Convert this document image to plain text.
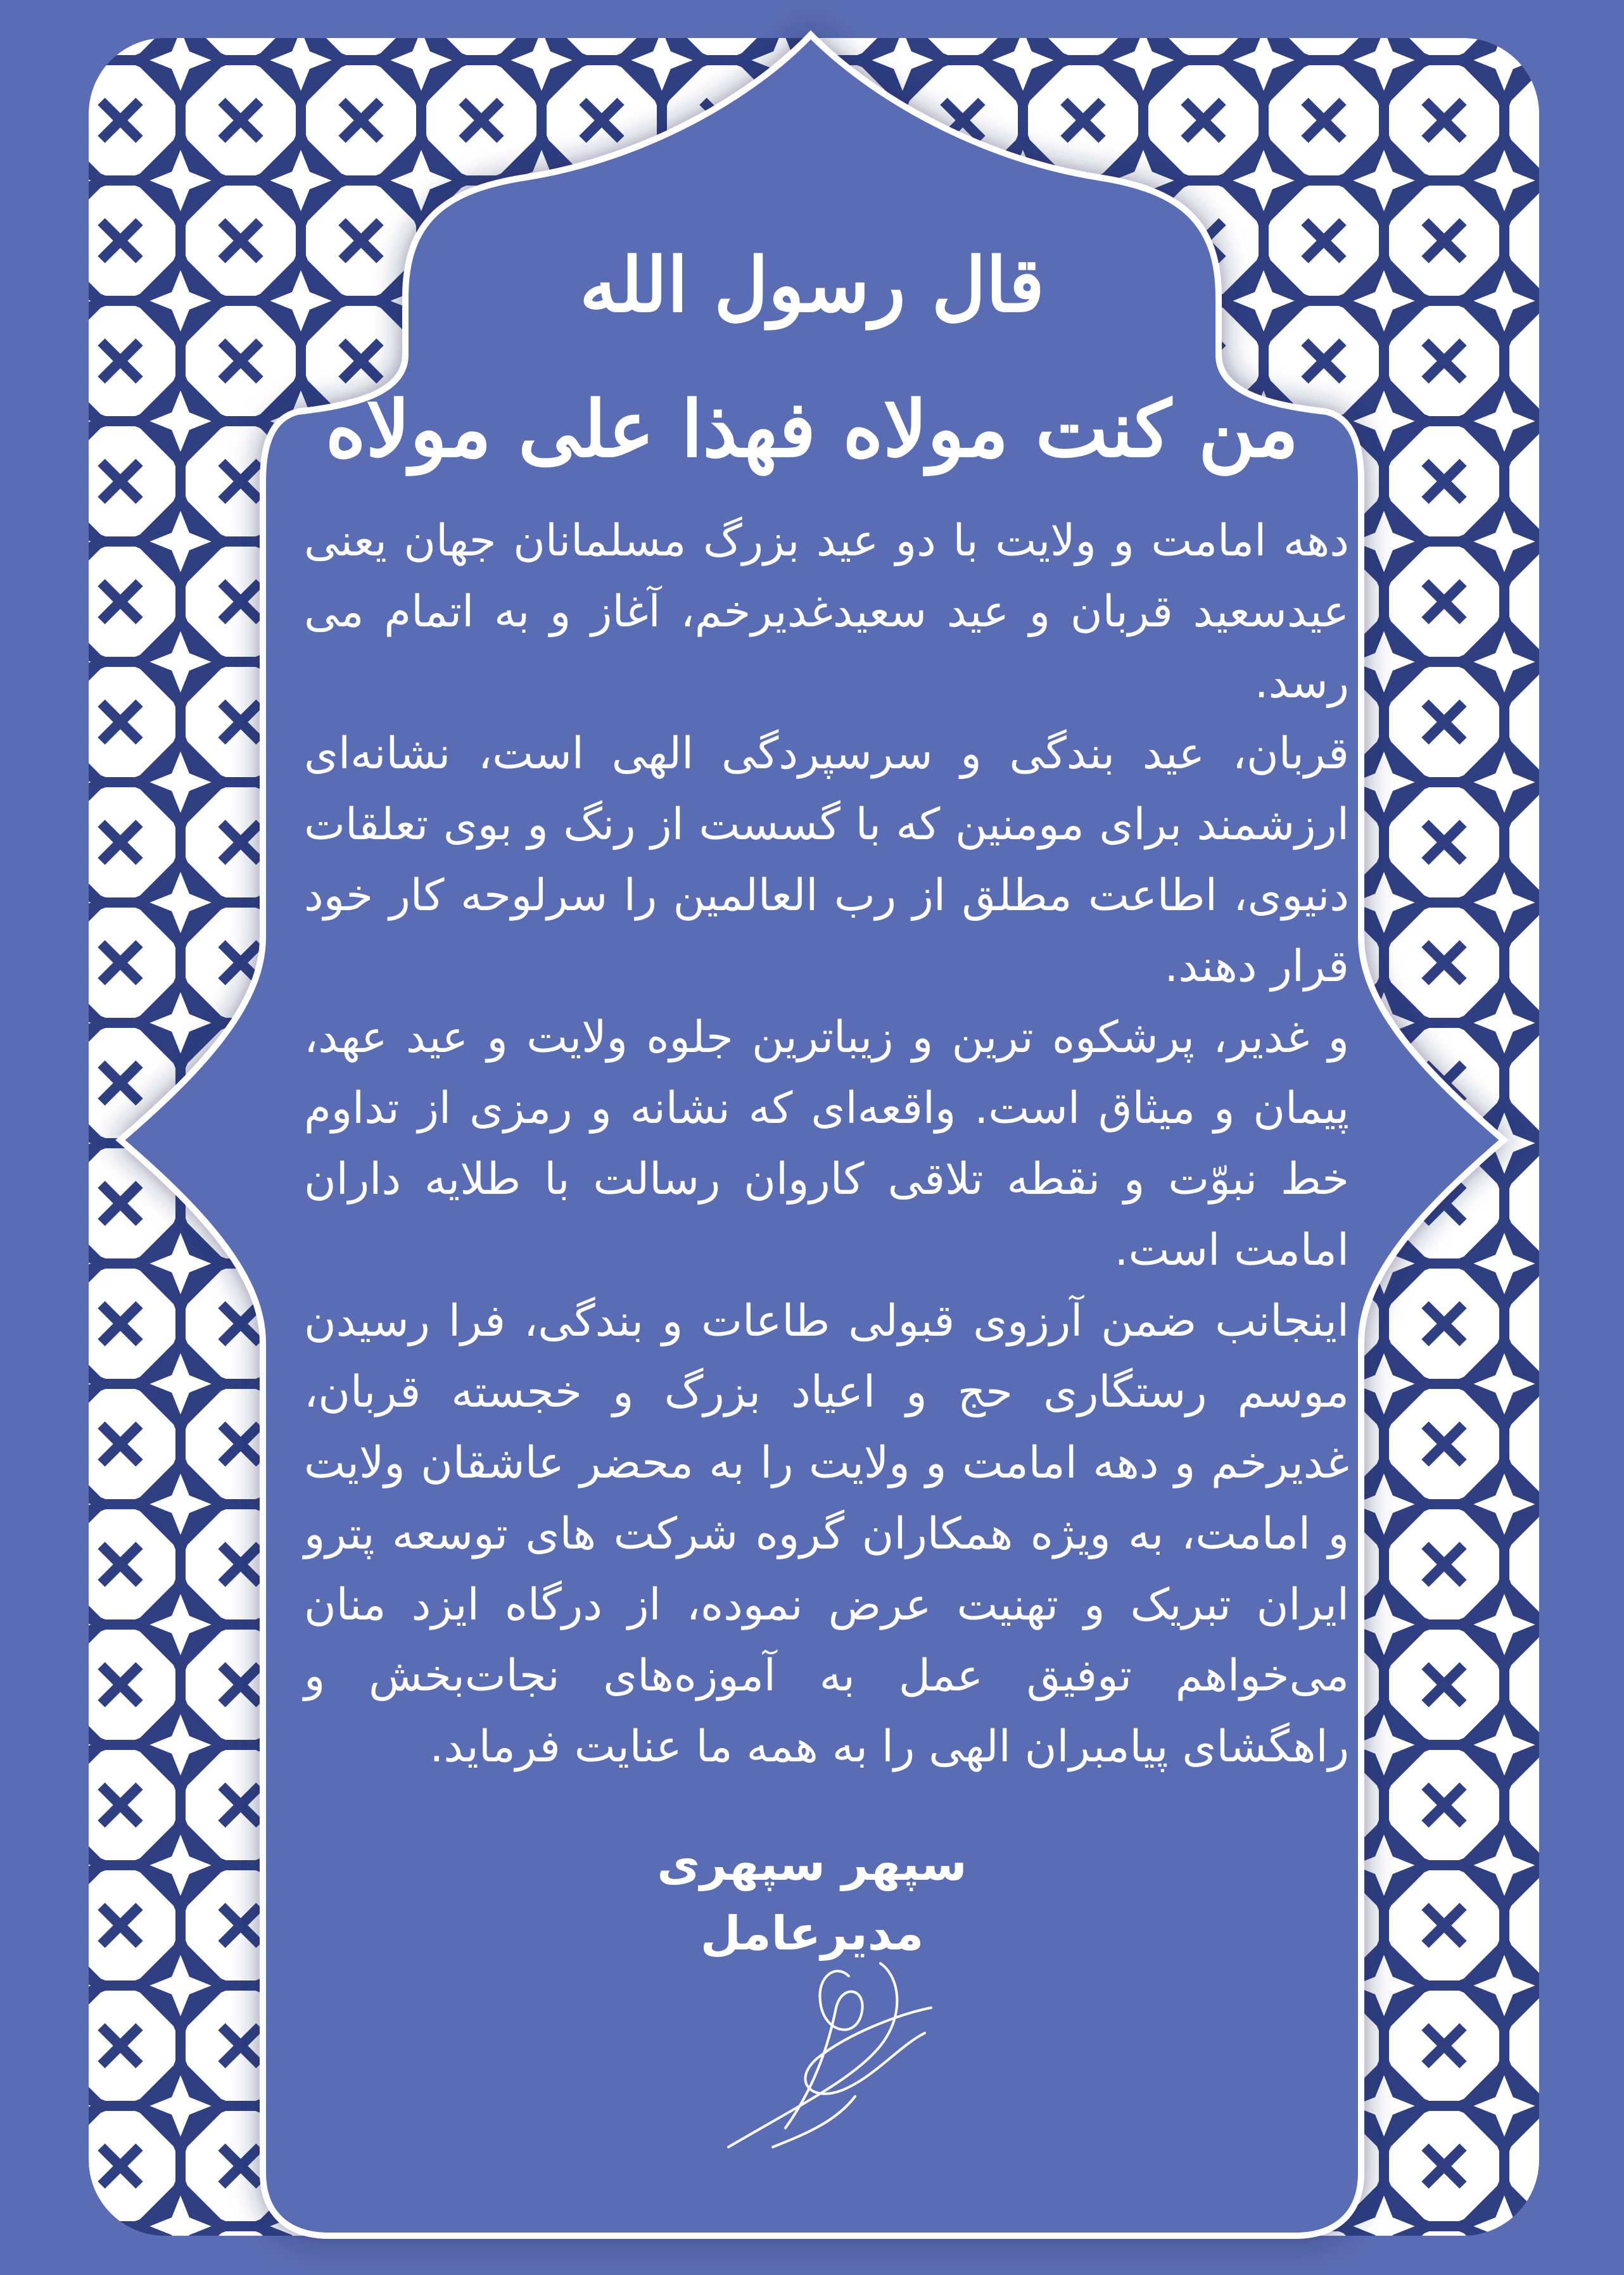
قال رسول الله
من کنت مولاه فهذا علی مولاه

دهه امامت و ولایت با دو عید بزرگ مسلمانان جهان یعنی عیدسعید قربان و عید سعیدغدیرخم، آغاز و به اتمام می رسد.

قربان، عید بندگی و سرسپردگی الهی است، نشانه‌ای ارزشمند برای مومنین که با گسست از رنگ و بوی تعلقات دنیوی، اطاعت مطلق از رب العالمین را سرلوحه کار خود قرار دهند.

و غدیر، پرشکوه ترین و زیباترین جلوه ولایت و عید عهد، پیمان و میثاق است. واقعه‌ای که نشانه و رمزی از تداوم خط نبوّت و نقطه تلاقی کاروان رسالت با طلایه داران امامت است.

اینجانب ضمن آرزوی قبولی طاعات و بندگی، فرا رسیدن موسم رستگاری حج و اعیاد بزرگ و خجسته قربان، غدیرخم و دهه امامت و ولایت را به محضر عاشقان ولایت و امامت، به ویژه همکاران گروه شرکت های توسعه پترو ایران تبریک و تهنیت عرض نموده، از درگاه ایزد منان می‌خواهم توفیق عمل به آموزه‌های نجات‌بخش و راهگشای پیامبران الهی را به همه ما عنایت فرماید.

سپهر سپهری
مدیرعامل
